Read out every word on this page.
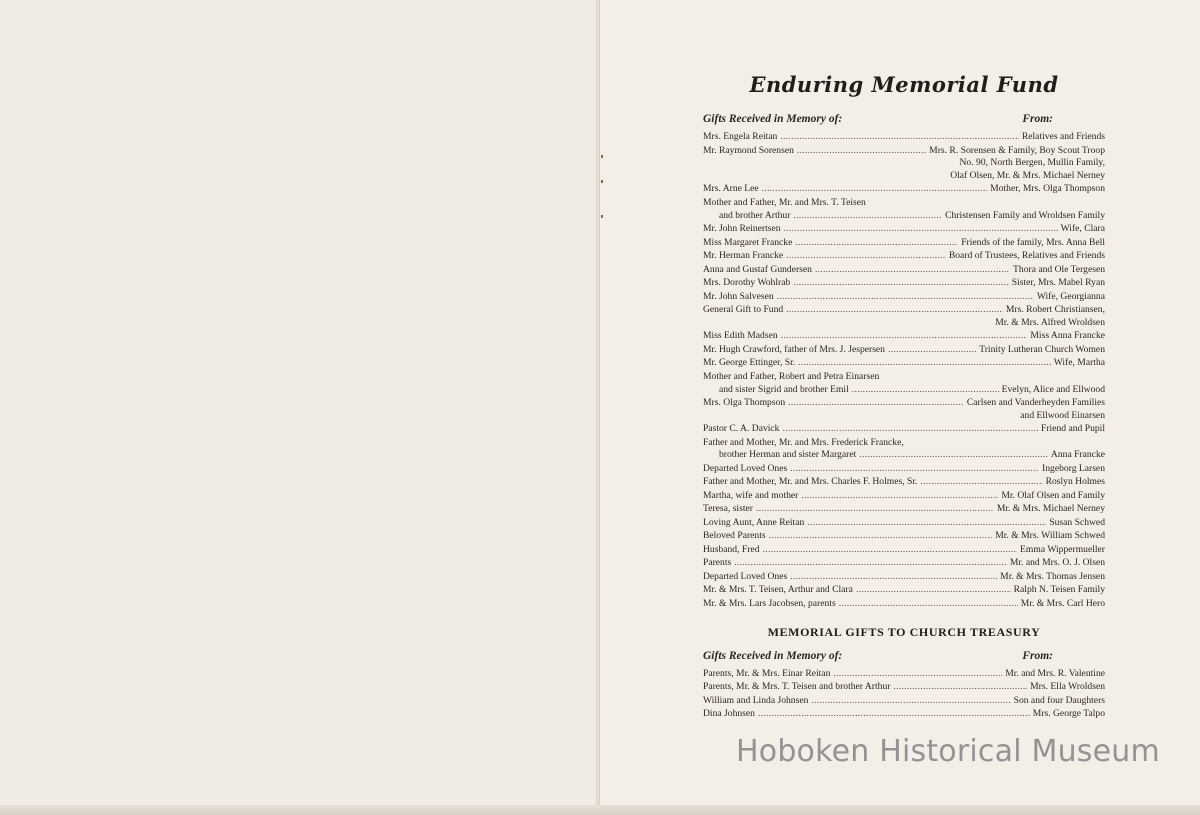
Enduring Memorial Fund
Gifts Received in Memory of:	From:
Mrs. Engela Reitan .....	Relatives and Friends
Mr. Raymond Sorensen .....	Mrs. R. Sorensen & Family, Boy Scout Troop
No. 90, North Bergen, Mullin Family,
Olaf Olsen, Mr. & Mrs. Michael Nerney
Mrs. Arne Lee .....	Mother, Mrs. Olga Thompson
Mother and Father, Mr. and Mrs. T. Teisen
and brother Arthur .....	Christensen Family and Wroldsen Family
Mr. John Reinertsen .....	Wife, Clara
Miss Margaret Francke .....	Friends of the family, Mrs. Anna Bell
Mr. Herman Francke .....	Board of Trustees, Relatives and Friends
Anna and Gustaf Gundersen .....	Thora and Ole Tergesen
Mrs. Dorothy Wohlrab .....	Sister, Mrs. Mabel Ryan
Mr. John Salvesen .....	Wife, Georgianna
General Gift to Fund .....	Mrs. Robert Christiansen,
Mr. & Mrs. Alfred Wroldsen
Miss Edith Madsen .....	Miss Anna Francke
Mr. Hugh Crawford, father of Mrs. J. Jespersen .....	Trinity Lutheran Church Women
Mr. George Ettinger, Sr. .....	Wife, Martha
Mother and Father, Robert and Petra Einarsen
and sister Sigrid and brother Emil .....	Evelyn, Alice and Ellwood
Mrs. Olga Thompson .....	Carlsen and Vanderheyden Families
and Ellwood Einarsen
Pastor C. A. Davick .....	Friend and Pupil
Father and Mother, Mr. and Mrs. Frederick Francke,
brother Herman and sister Margaret .....	Anna Francke
Departed Loved Ones .....	Ingeborg Larsen
Father and Mother, Mr. and Mrs. Charles F. Holmes, Sr. .....	Roslyn Holmes
Martha, wife and mother .....	Mr. Olaf Olsen and Family
Teresa, sister .....	Mr. & Mrs. Michael Nerney
Loving Aunt, Anne Reitan .....	Susan Schwed
Beloved Parents .....	Mr. & Mrs. William Schwed
Husband, Fred .....	Emma Wippermueller
Parents .....	Mr. and Mrs. O. J. Olsen
Departed Loved Ones .....	Mr. & Mrs. Thomas Jensen
Mr. & Mrs. T. Teisen, Arthur and Clara .....	Ralph N. Teisen Family
Mr. & Mrs. Lars Jacobsen, parents .....	Mr. & Mrs. Carl Hero
MEMORIAL GIFTS TO CHURCH TREASURY
Gifts Received in Memory of:	From:
Parents, Mr. & Mrs. Einar Reitan .....	Mr. and Mrs. R. Valentine
Parents, Mr. & Mrs. T. Teisen and brother Arthur .....	Mrs. Ella Wroldsen
William and Linda Johnsen .....	Son and four Daughters
Dina Johnsen .....	Mrs. George Talpo
Hoboken Historical Museum
